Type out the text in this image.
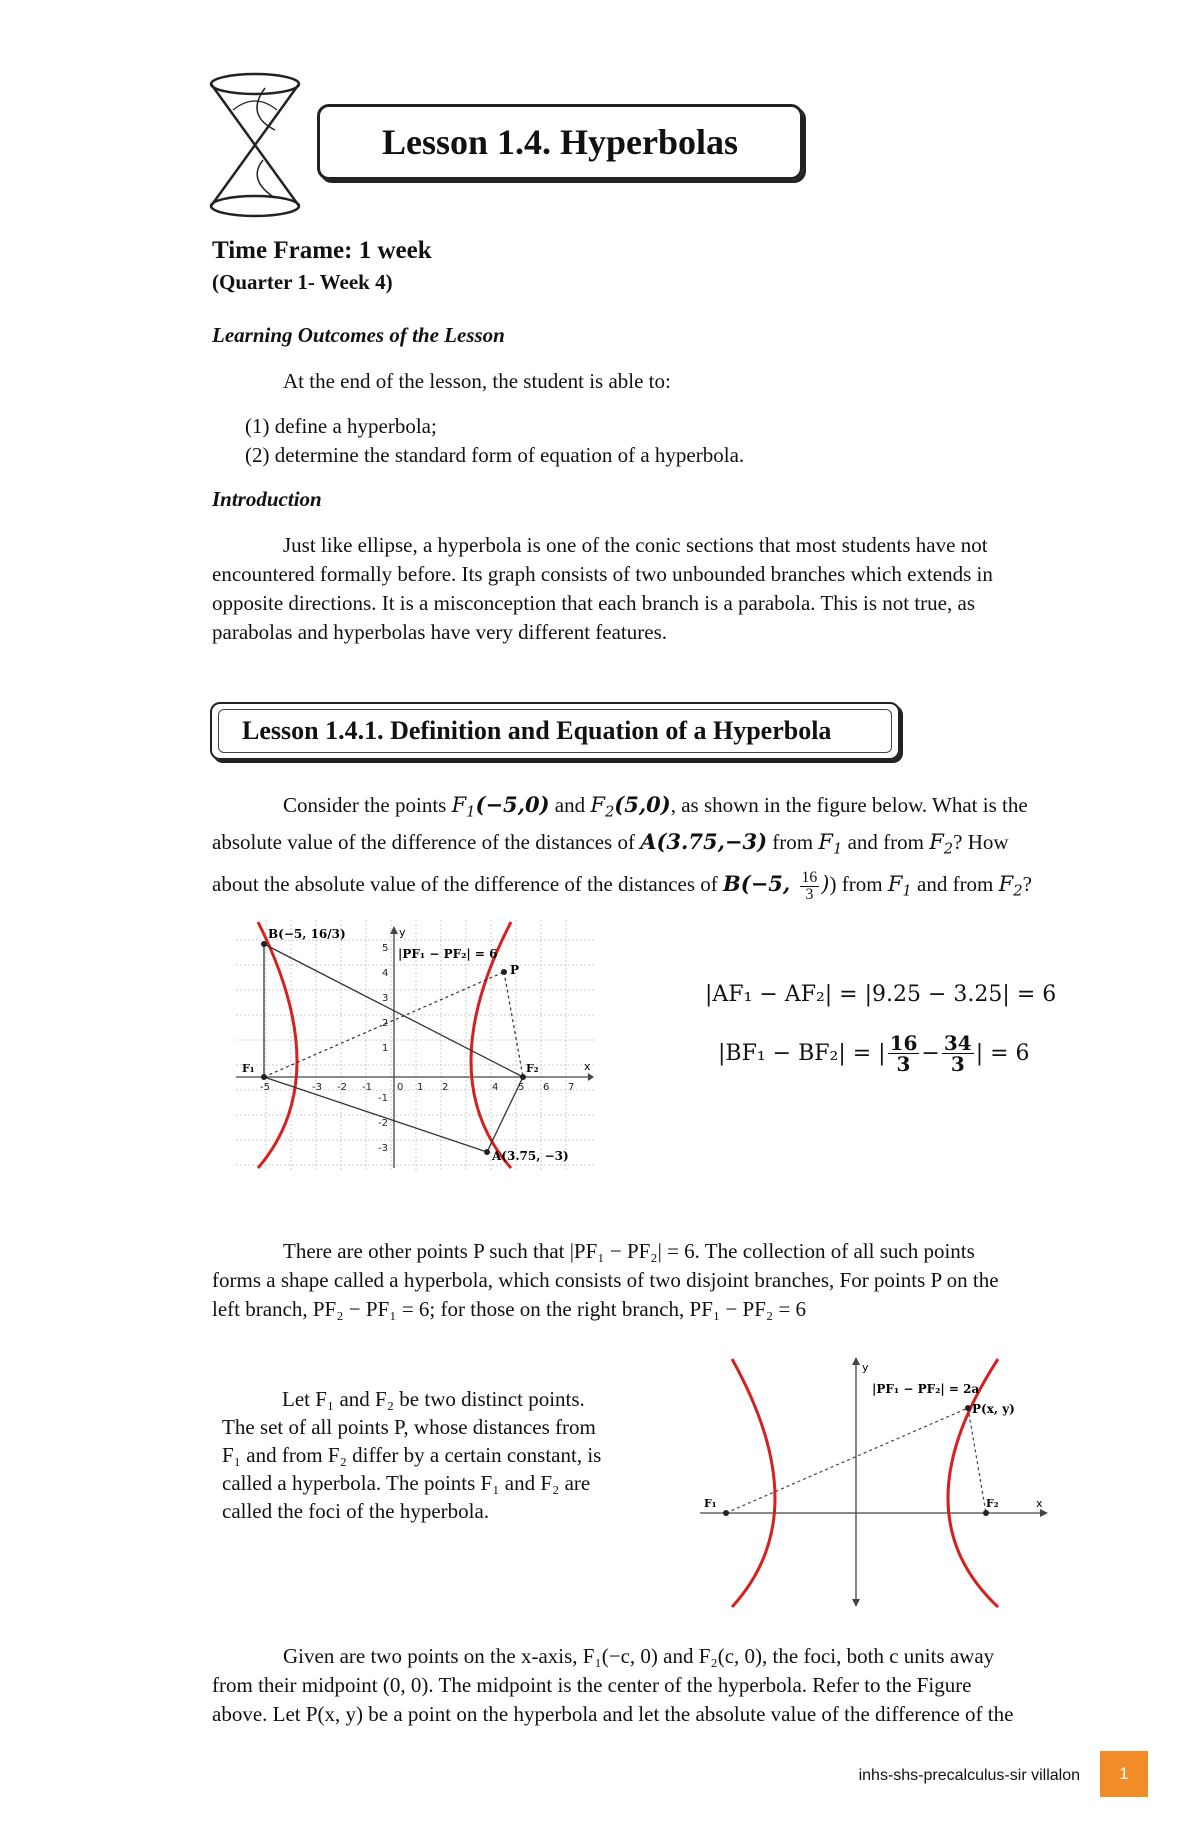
Lesson 1.4. Hyperbolas
Time Frame: 1 week
(Quarter 1- Week 4)
Learning Outcomes of the Lesson
At the end of the lesson, the student is able to:
(1) define a hyperbola;
(2) determine the standard form of equation of a hyperbola.
Introduction
Just like ellipse, a hyperbola is one of the conic sections that most students have not
encountered formally before. Its graph consists of two unbounded branches which extends in
opposite directions. It is a misconception that each branch is a parabola. This is not true, as
parabolas and hyperbolas have very different features.
Lesson 1.4.1. Definition and Equation of a Hyperbola
Consider the points $F_1(-5,0)$ and $F_2(5,0)$, as shown in the figure below. What is the
absolute value of the difference of the distances of A(3.75,−3) from $F_1$ and from $F_2$? How
about the absolute value of the difference of the distances of B(−5, $\frac{16}{3}$ )) from $F_1$ and from $F_2$?
B(−5, 16/3)
P
|PF₁ − PF₂| = 6
A(3.75, −3)
F₁	F₂
y
x
-5	-3 -2 -1	0 1 2	4 5 6 7
5
4
3
2
1
-1
-2
-3
|AF₁ − AF₂| = |9.25 − 3.25| = 6
|BF₁ − BF₂| = | $\frac{16}{3} - \frac{34}{3}$ | = 6
There are other points P such that |PF₁ − PF₂| = 6. The collection of all such points
forms a shape called a hyperbola, which consists of two disjoint branches, For points P on the
left branch, PF₂ − PF₁ = 6; for those on the right branch, PF₁ − PF₂ = 6
Let F₁ and F₂ be two distinct points.
The set of all points P, whose distances from
F₁ and from F₂ differ by a certain constant, is
called a hyperbola. The points F₁ and F₂ are
called the foci of the hyperbola.
|PF₁ − PF₂| = 2a
P(x, y)
F₁	F₂
y
x
Given are two points on the x-axis, F₁(−c, 0) and F₂(c, 0), the foci, both c units away
from their midpoint (0, 0). The midpoint is the center of the hyperbola. Refer to the Figure
above. Let P(x, y) be a point on the hyperbola and let the absolute value of the difference of the
inhs-shs-precalculus-sir villalon	1
